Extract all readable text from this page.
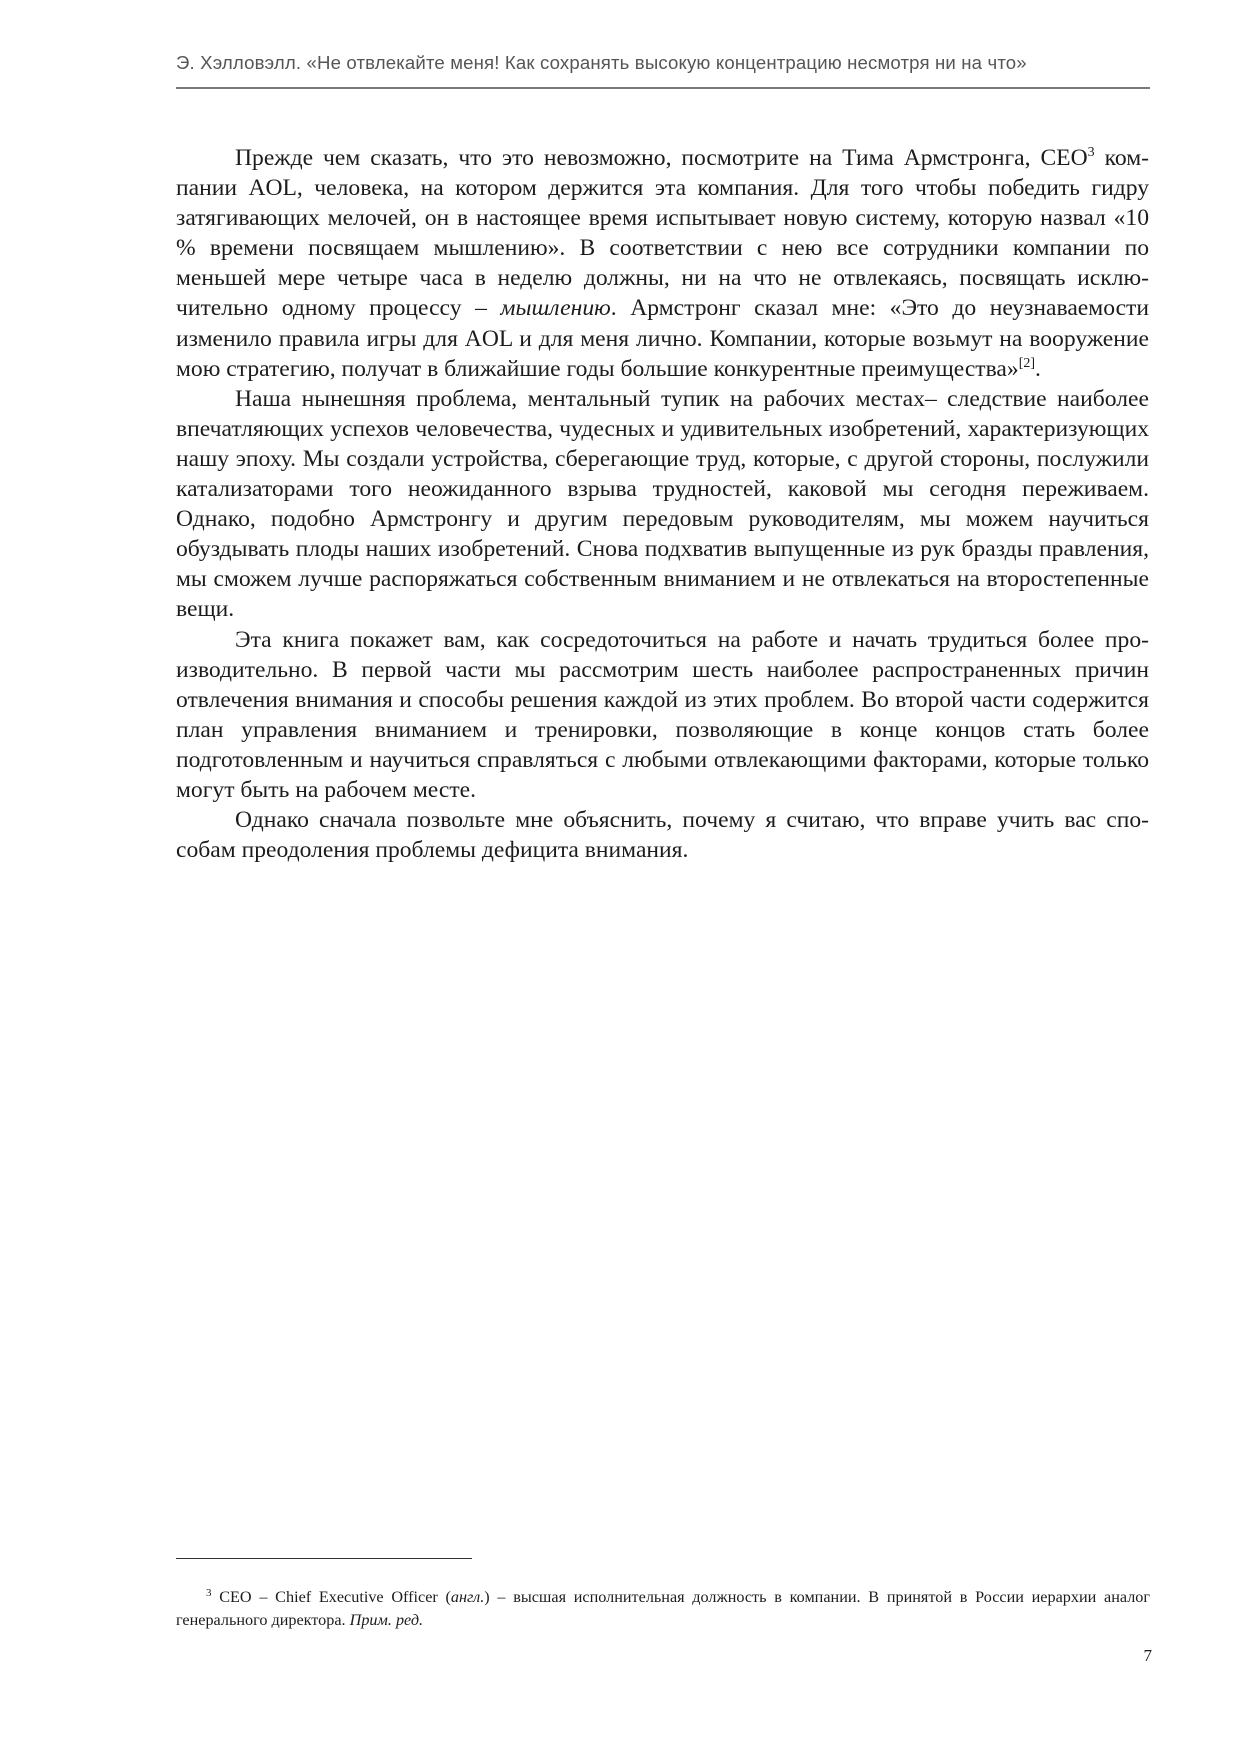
Э. Хэлловэлл. «Не отвлекайте меня! Как сохранять высокую концентрацию несмотря ни на что»

Прежде чем сказать, что это невозможно, посмотрите на Тима Армстронга, CEO$^3$ компании AOL, человека, на котором держится эта компания. Для того чтобы победить гидру затягивающих мелочей, он в настоящее время испытывает новую систему, которую назвал «10 % времени посвящаем мышлению». В соответствии с нею все сотрудники компании по меньшей мере четыре часа в неделю должны, ни на что не отвлекаясь, посвящать исключительно одному процессу – мышлению. Армстронг сказал мне: «Это до неузнаваемости изменило правила игры для AOL и для меня лично. Компании, которые возьмут на вооружение мою стратегию, получат в ближайшие годы большие конкурентные преимущества»[2].

Наша нынешняя проблема, ментальный тупик на рабочих местах– следствие наиболее впечатляющих успехов человечества, чудесных и удивительных изобретений, характеризующих нашу эпоху. Мы создали устройства, сберегающие труд, которые, с другой стороны, послужили катализаторами того неожиданного взрыва трудностей, каковой мы сегодня переживаем. Однако, подобно Армстронгу и другим передовым руководителям, мы можем научиться обуздывать плоды наших изобретений. Снова подхватив выпущенные из рук бразды правления, мы сможем лучше распоряжаться собственным вниманием и не отвлекаться на второстепенные вещи.

Эта книга покажет вам, как сосредоточиться на работе и начать трудиться более производительно. В первой части мы рассмотрим шесть наиболее распространенных причин отвлечения внимания и способы решения каждой из этих проблем. Во второй части содержится план управления вниманием и тренировки, позволяющие в конце концов стать более подготовленным и научиться справляться с любыми отвлекающими факторами, которые только могут быть на рабочем месте.

Однако сначала позвольте мне объяснить, почему я считаю, что вправе учить вас способам преодоления проблемы дефицита внимания.

$^3$ CEO – Chief Executive Officer (англ.) – высшая исполнительная должность в компании. В принятой в России иерархии аналог генерального директора. Прим. ред.
7
